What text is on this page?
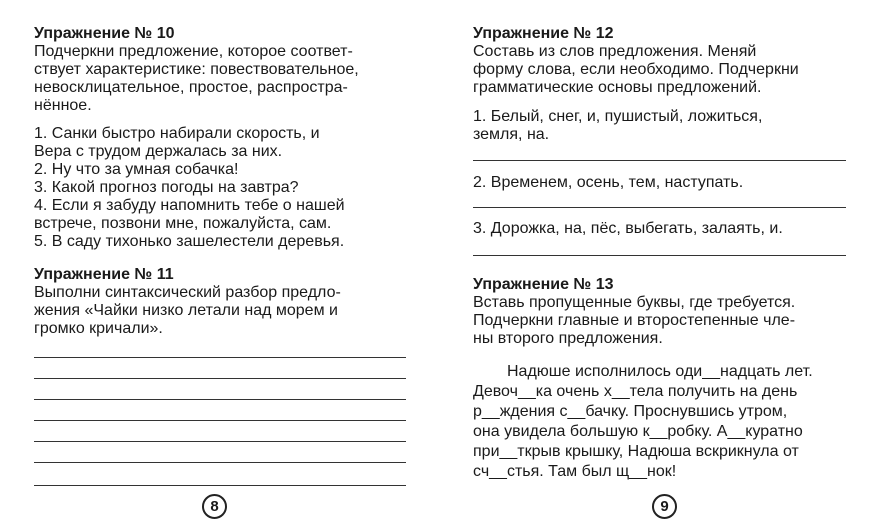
Упражнение № 10

Подчеркни предложение, которое соответ-

ствует характеристике: повествовательное,

невосклицательное, простое, распростра-

нённое.

1. Санки быстро набирали скорость, и

Вера с трудом держалась за них.

2. Ну что за умная собачка!

3. Какой прогноз погоды на завтра?

4. Если я забуду напомнить тебе о нашей

встрече, позвони мне, пожалуйста, сам.

5. В саду тихонько зашелестели деревья.

Упражнение № 11

Выполни синтаксический разбор предло-

жения «Чайки низко летали над морем и

громко кричали».

8

Упражнение № 12

Составь из слов предложения. Меняй

форму слова, если необходимо. Подчеркни

грамматические основы предложений.

1. Белый, снег, и, пушистый, ложиться,

земля, на.

2. Временем, осень, тем, наступать.

3. Дорожка, на, пёс, выбегать, залаять, и.

Упражнение № 13

Вставь пропущенные буквы, где требуется.

Подчеркни главные и второстепенные чле-

ны второго предложения.

Надюше исполнилось оди__надцать лет.

Девоч__ка очень х__тела получить на день

р__ждения с__бачку. Проснувшись утром,

она увидела большую к__робку. А__куратно

при__ткрыв крышку, Надюша вскрикнула от

сч__стья. Там был щ__нок!

9
